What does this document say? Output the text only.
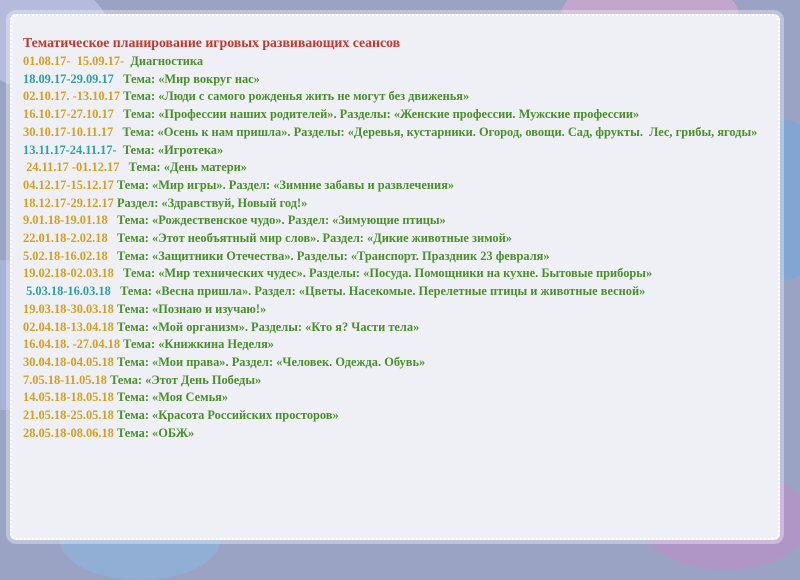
Тематическое планирование игровых развивающих сеансов
01.08.17-  15.09.17-  Диагностика
18.09.17-29.09.17   Тема: «Мир вокруг нас»
02.10.17. -13.10.17 Тема: «Люди с самого рожденья жить не могут без движенья»
16.10.17-27.10.17   Тема: «Профессии наших родителей». Разделы: «Женские профессии. Мужские профессии»
30.10.17-10.11.17   Тема: «Осень к нам пришла». Разделы: «Деревья, кустарники. Огород, овощи. Сад, фрукты.  Лес, грибы, ягоды»
13.11.17-24.11.17-  Тема: «Игротека»
24.11.17 -01.12.17   Тема: «День матери»
04.12.17-15.12.17 Тема: «Мир игры». Раздел: «Зимние забавы и развлечения»
18.12.17-29.12.17 Раздел: «Здравствуй, Новый год!»
9.01.18-19.01.18   Тема: «Рождественское чудо». Раздел: «Зимующие птицы»
22.01.18-2.02.18   Тема: «Этот необъятный мир слов». Раздел: «Дикие животные зимой»
5.02.18-16.02.18   Тема: «Защитники Отечества». Разделы: «Транспорт. Праздник 23 февраля»
19.02.18-02.03.18   Тема: «Мир технических чудес». Разделы: «Посуда. Помощники на кухне. Бытовые приборы»
5.03.18-16.03.18   Тема: «Весна пришла». Раздел: «Цветы. Насекомые. Перелетные птицы и животные весной»
19.03.18-30.03.18 Тема: «Познаю и изучаю!»
02.04.18-13.04.18 Тема: «Мой организм». Разделы: «Кто я? Части тела»
16.04.18. -27.04.18 Тема: «Книжкина Неделя»
30.04.18-04.05.18 Тема: «Мои права». Раздел: «Человек. Одежда. Обувь»
7.05.18-11.05.18 Тема: «Этот День Победы»
14.05.18-18.05.18 Тема: «Моя Семья»
21.05.18-25.05.18 Тема: «Красота Российских просторов»
28.05.18-08.06.18 Тема: «ОБЖ»
